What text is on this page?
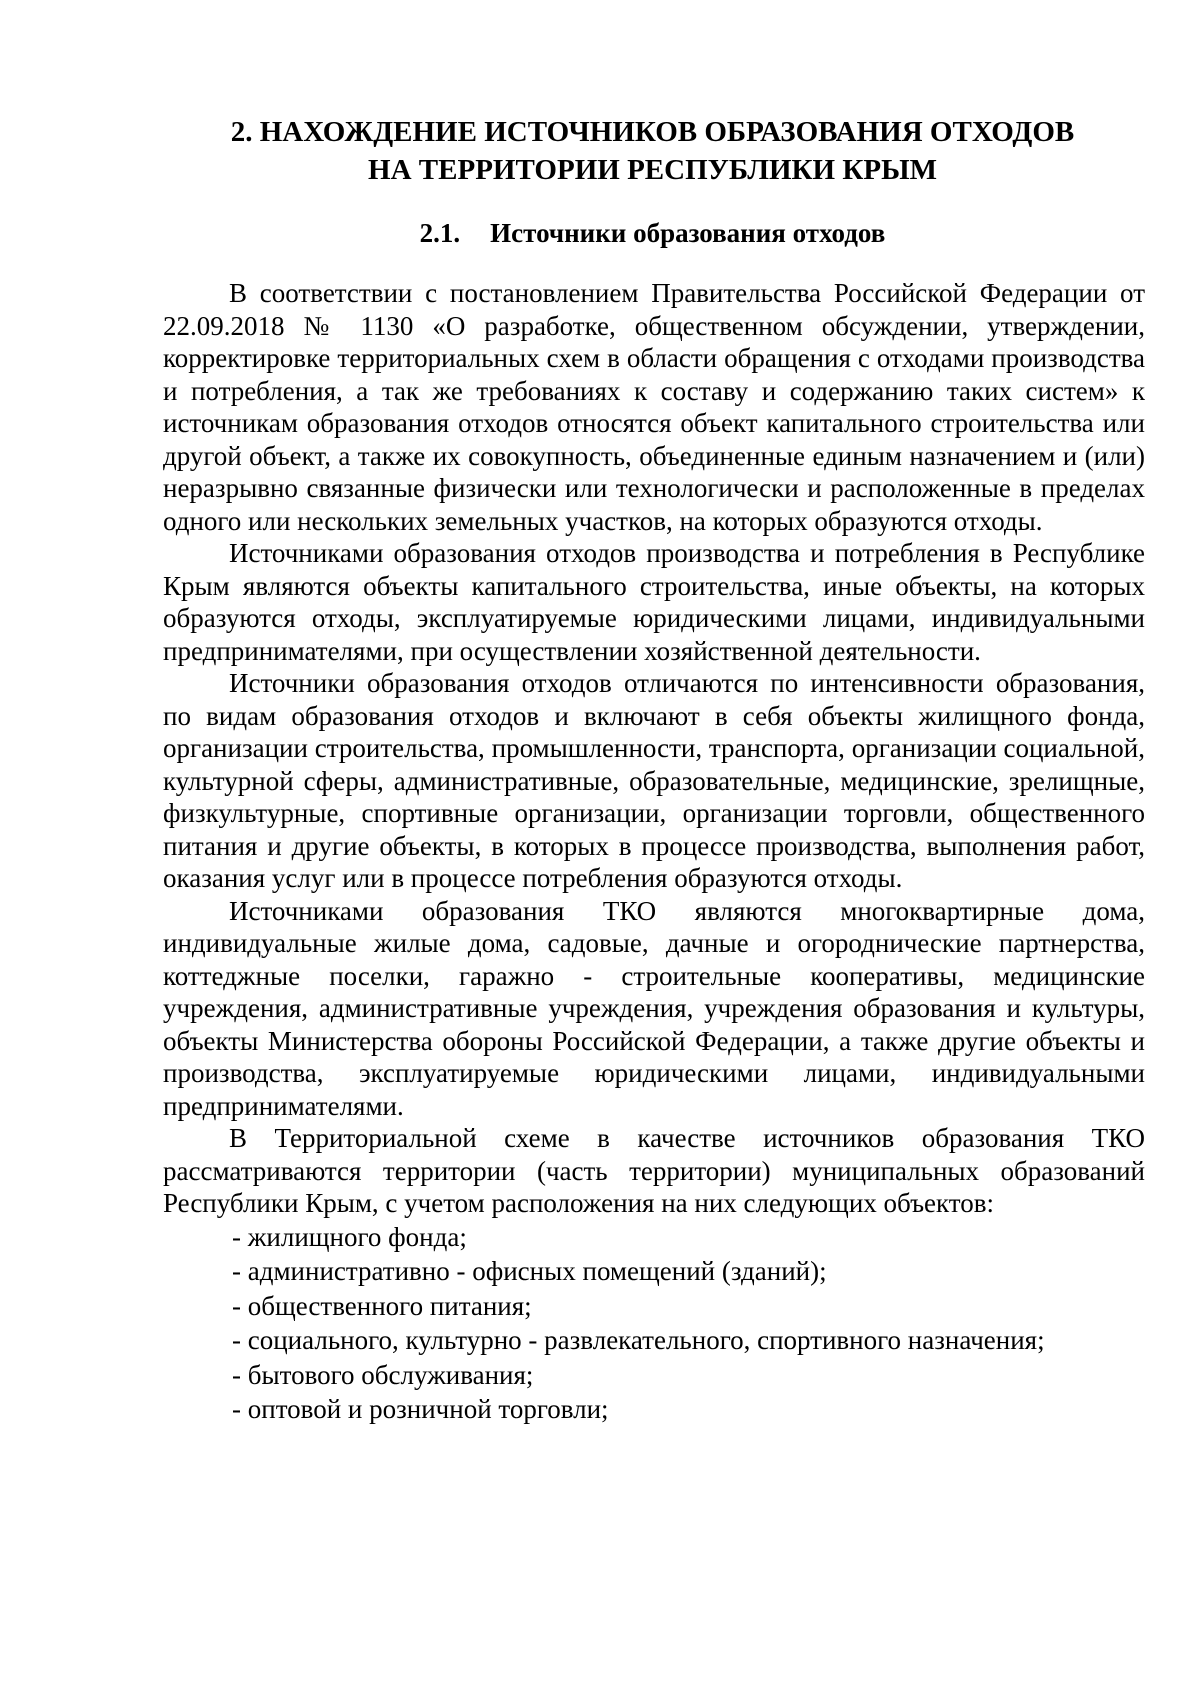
2. НАХОЖДЕНИЕ ИСТОЧНИКОВ ОБРАЗОВАНИЯ ОТХОДОВ
НА ТЕРРИТОРИИ РЕСПУБЛИКИ КРЫМ
2.1. Источники образования отходов

В соответствии с постановлением Правительства Российской Федерации от 22.09.2018 № 1130 «О разработке, общественном обсуждении, утверждении, корректировке территориальных схем в области обращения с отходами производства и потребления, а так же требованиях к составу и содержанию таких систем» к источникам образования отходов относятся объект капитального строительства или другой объект, а также их совокупность, объединенные единым назначением и (или) неразрывно связанные физически или технологически и расположенные в пределах одного или нескольких земельных участков, на которых образуются отходы.

Источниками образования отходов производства и потребления в Республике Крым являются объекты капитального строительства, иные объекты, на которых образуются отходы, эксплуатируемые юридическими лицами, индивидуальными предпринимателями, при осуществлении хозяйственной деятельности.

Источники образования отходов отличаются по интенсивности образования, по видам образования отходов и включают в себя объекты жилищного фонда, организации строительства, промышленности, транспорта, организации социальной, культурной сферы, административные, образовательные, медицинские, зрелищные, физкультурные, спортивные организации, организации торговли, общественного питания и другие объекты, в которых в процессе производства, выполнения работ, оказания услуг или в процессе потребления образуются отходы.

Источниками образования ТКО являются многоквартирные дома, индивидуальные жилые дома, садовые, дачные и огороднические партнерства, коттеджные поселки, гаражно - строительные кооперативы, медицинские учреждения, административные учреждения, учреждения образования и культуры, объекты Министерства обороны Российской Федерации, а также другие объекты и производства, эксплуатируемые юридическими лицами, индивидуальными предпринимателями.

В Территориальной схеме в качестве источников образования ТКО рассматриваются территории (часть территории) муниципальных образований Республики Крым, с учетом расположения на них следующих объектов:

- жилищного фонда;
- административно - офисных помещений (зданий);
- общественного питания;
- социального, культурно - развлекательного, спортивного назначения;
- бытового обслуживания;
- оптовой и розничной торговли;
